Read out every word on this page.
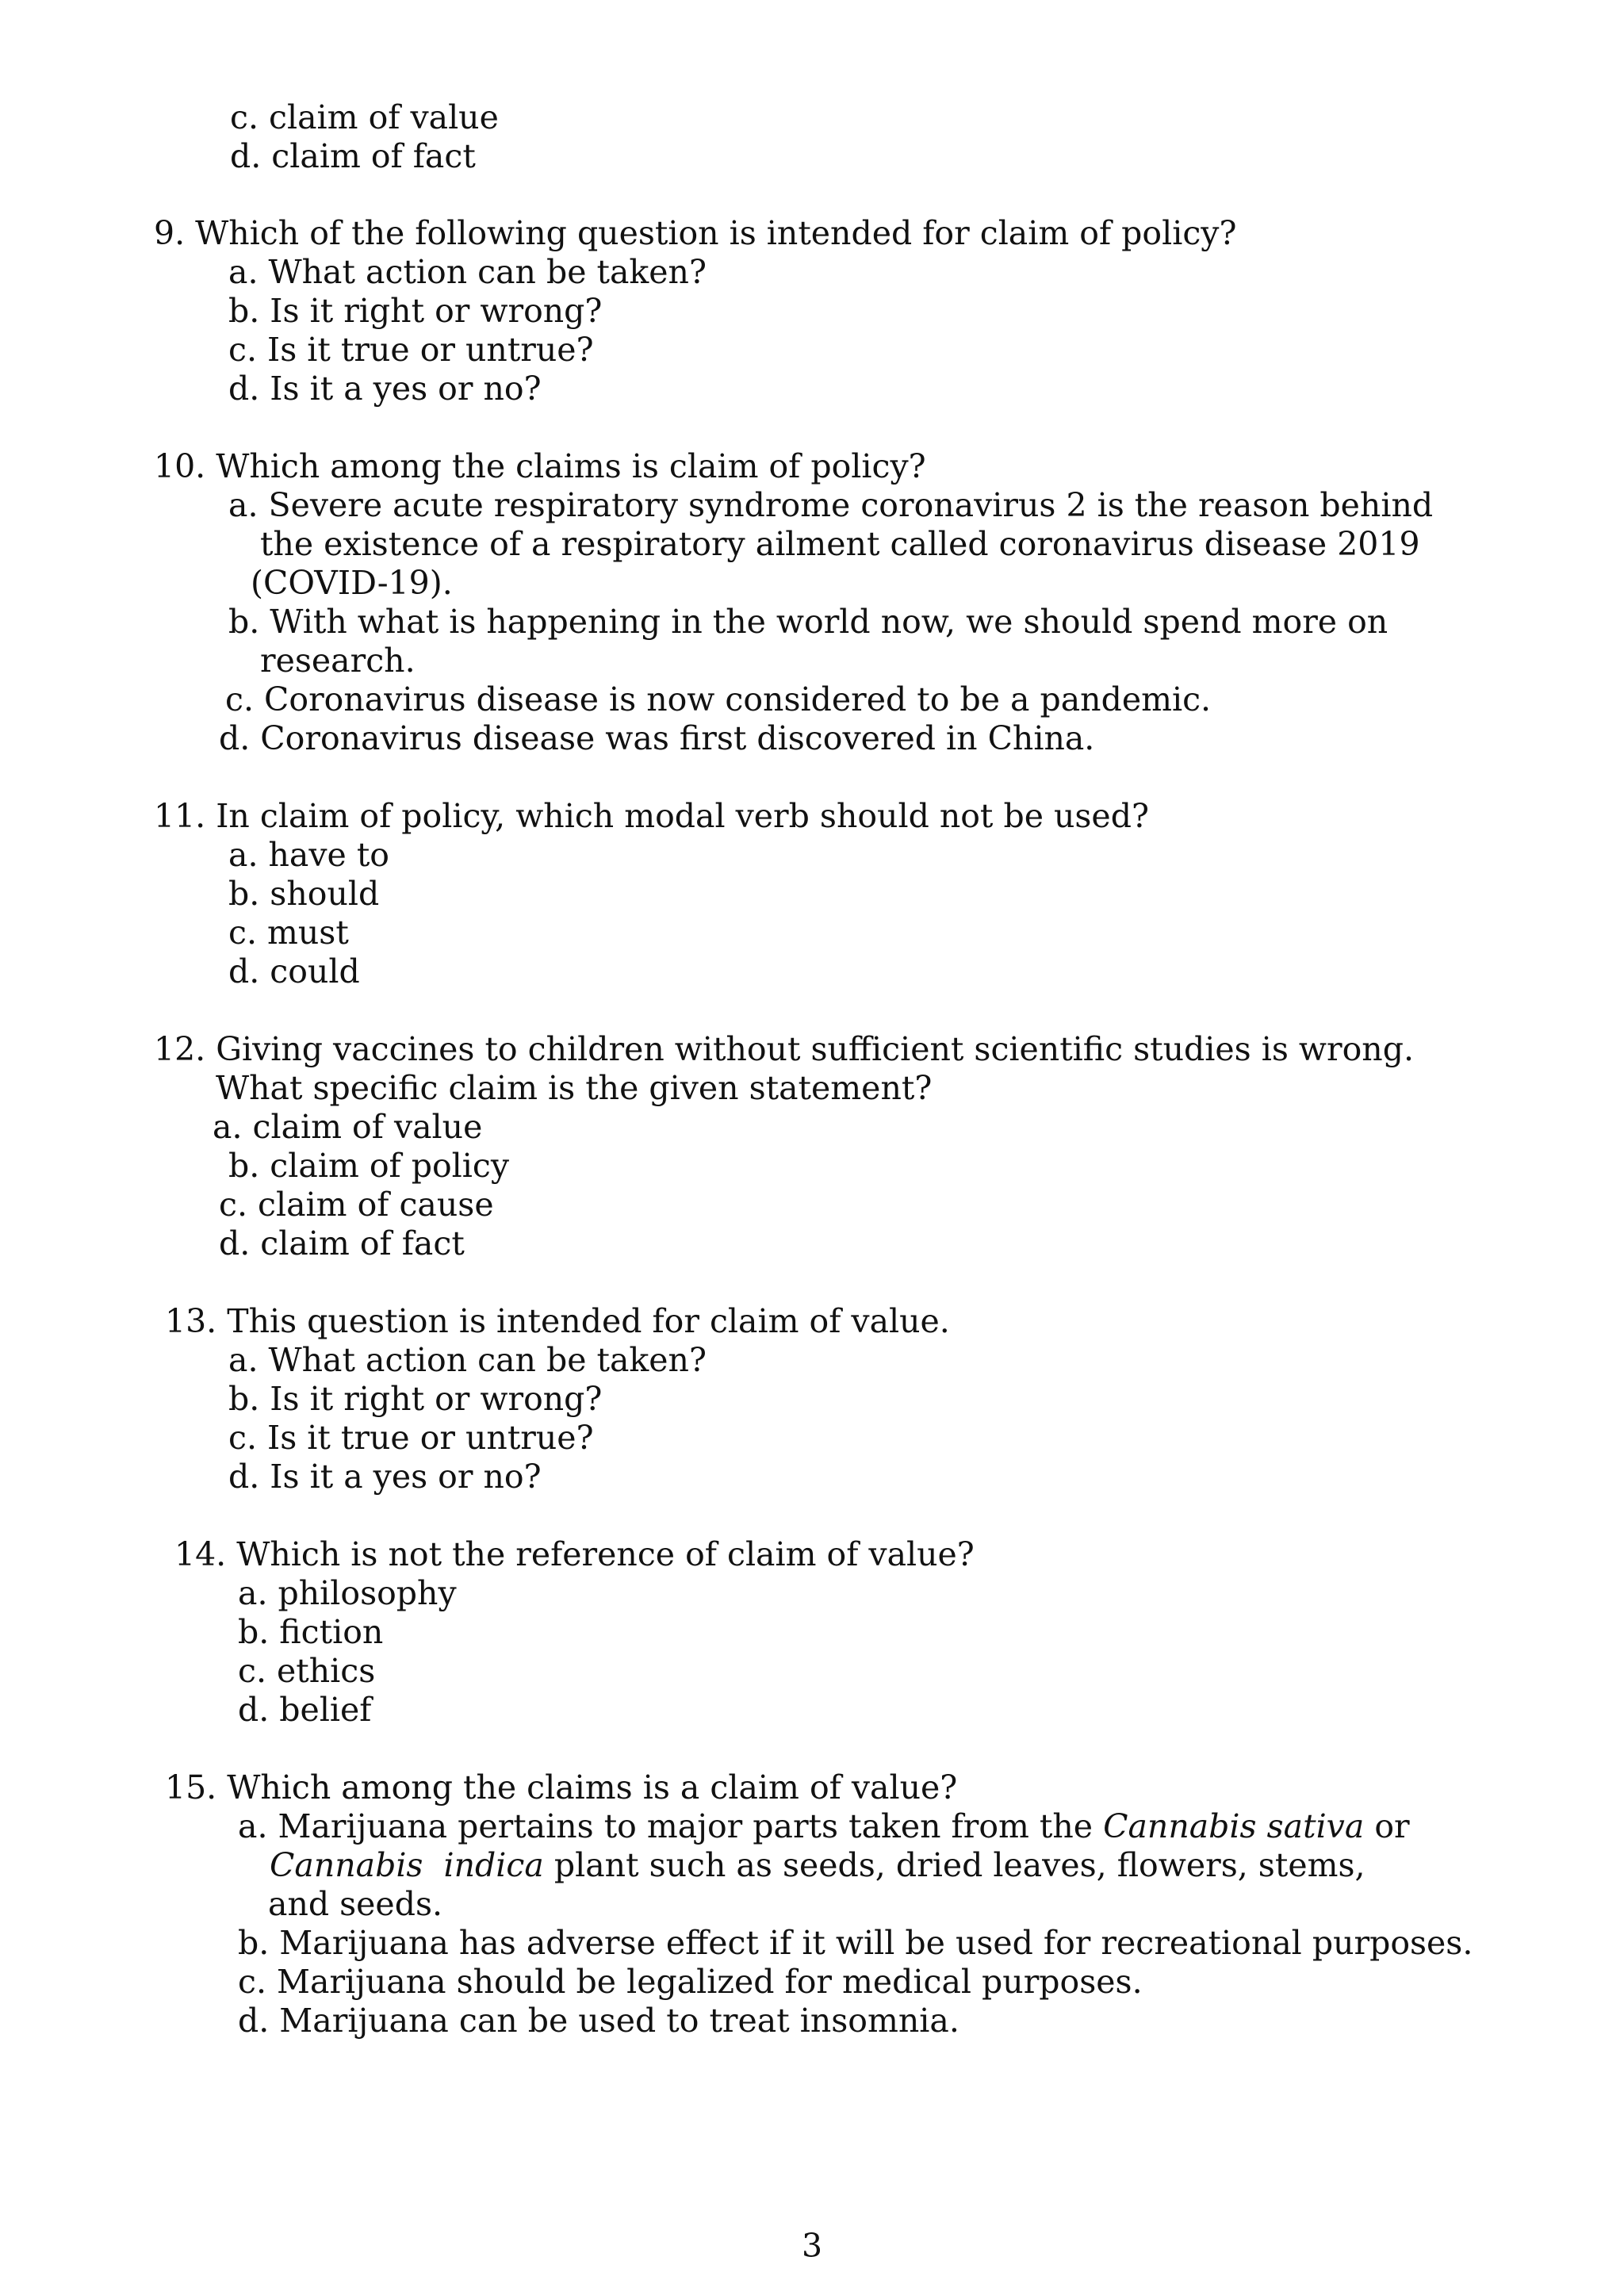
c. claim of value
d. claim of fact
9. Which of the following question is intended for claim of policy?
a. What action can be taken?
b. Is it right or wrong?
c. Is it true or untrue?
d. Is it a yes or no?
10. Which among the claims is claim of policy?
a. Severe acute respiratory syndrome coronavirus 2 is the reason behind
the existence of a respiratory ailment called coronavirus disease 2019
(COVID-19).
b. With what is happening in the world now, we should spend more on
research.
c. Coronavirus disease is now considered to be a pandemic.
d. Coronavirus disease was first discovered in China.
11. In claim of policy, which modal verb should not be used?
a. have to
b. should
c. must
d. could
12. Giving vaccines to children without sufficient scientific studies is wrong.
What specific claim is the given statement?
a. claim of value
b. claim of policy
c. claim of cause
d. claim of fact
13. This question is intended for claim of value.
a. What action can be taken?
b. Is it right or wrong?
c. Is it true or untrue?
d. Is it a yes or no?
14. Which is not the reference of claim of value?
a. philosophy
b. fiction
c. ethics
d. belief
15. Which among the claims is a claim of value?
a. Marijuana pertains to major parts taken from the Cannabis sativa or
Cannabis  indica plant such as seeds, dried leaves, flowers, stems,
and seeds.
b. Marijuana has adverse effect if it will be used for recreational purposes.
c. Marijuana should be legalized for medical purposes.
d. Marijuana can be used to treat insomnia.
3
